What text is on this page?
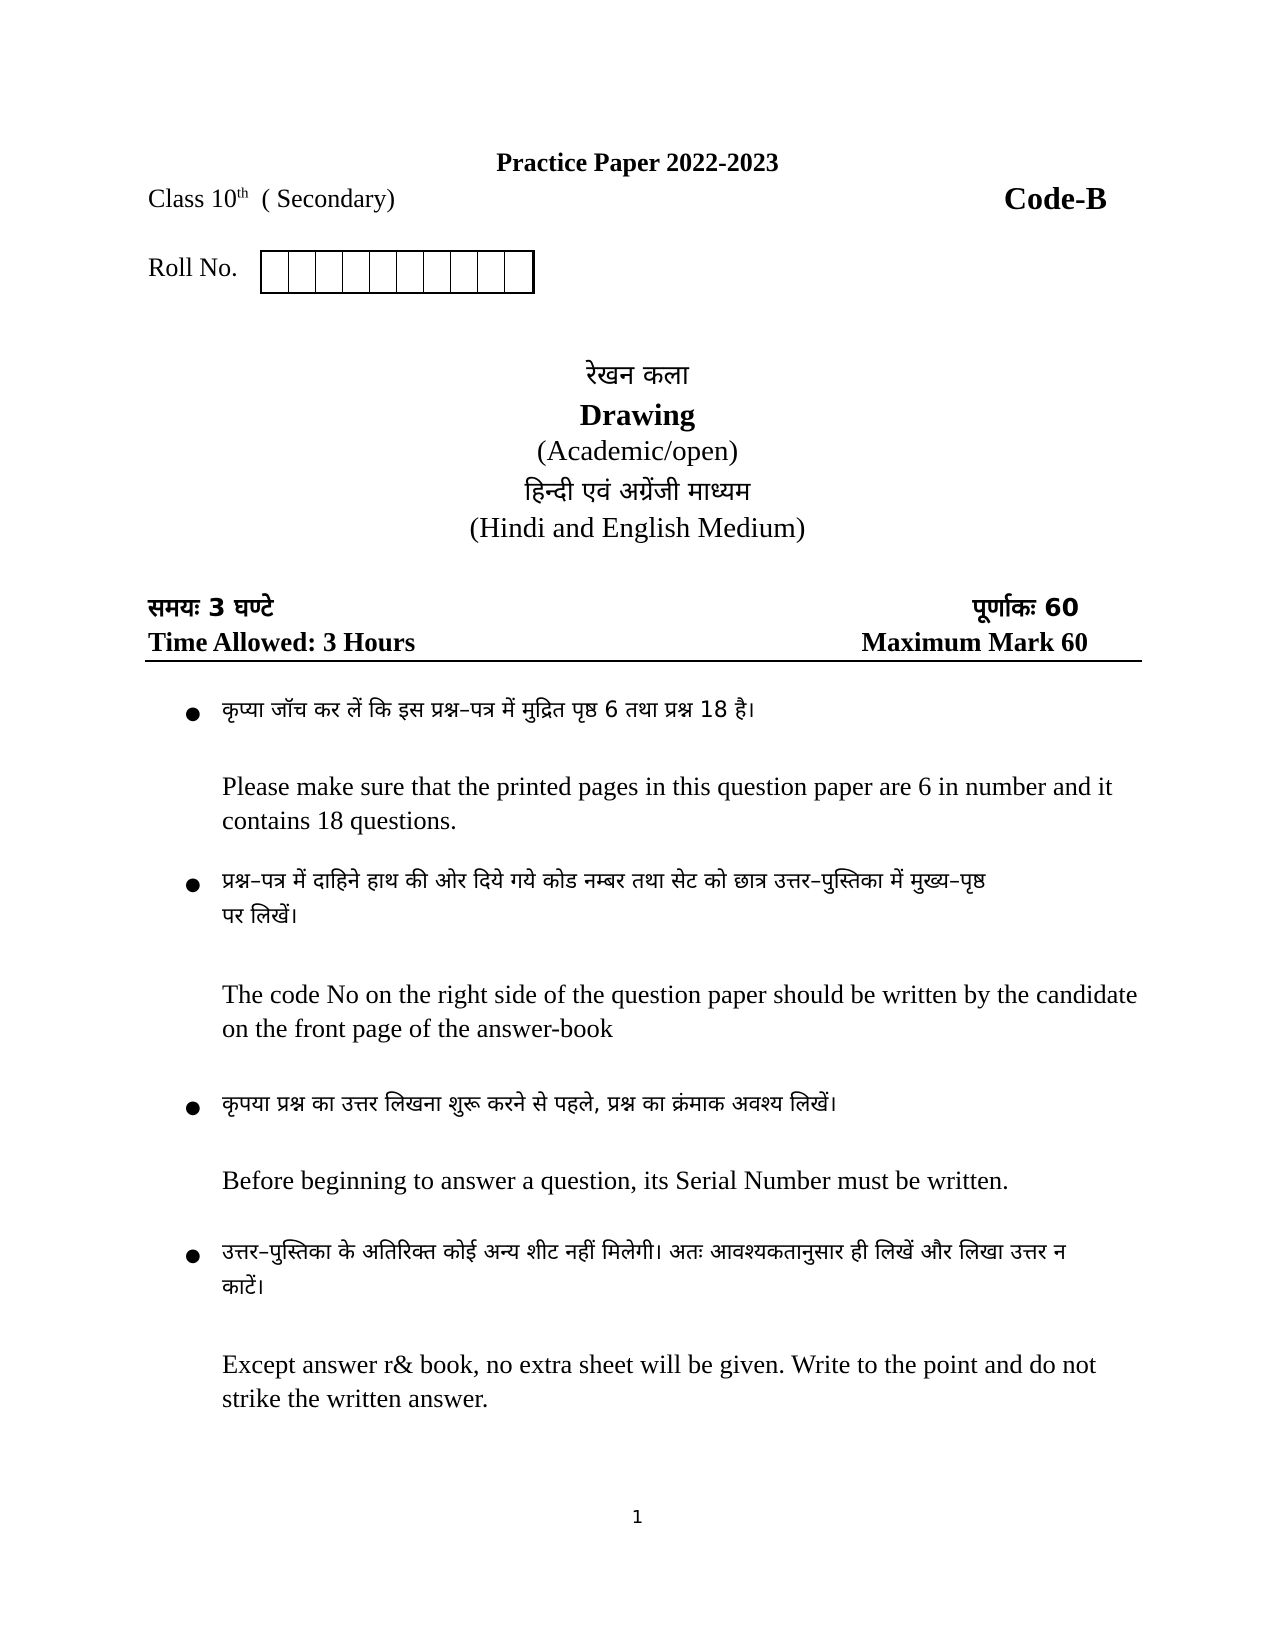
Practice Paper 2022-2023
Class 10th ( Secondary)	Code-B
Roll No.
रेखन कला
Drawing
(Academic/open)
हिन्दी एवं अग्रेंजी माध्यम
(Hindi and English Medium)
समयः 3 घण्टे	पूर्णाकः 60
Time Allowed: 3 Hours	Maximum Mark 60
● कृप्या जॉच कर लें कि इस प्रश्न–पत्र में मुद्रित पृष्ठ 6 तथा प्रश्न 18 है।
Please make sure that the printed pages in this question paper are 6 in number and it contains 18 questions.
● प्रश्न–पत्र में दाहिने हाथ की ओर दिये गये कोड नम्बर तथा सेट को छात्र उत्तर–पुस्तिका में मुख्य–पृष्ठ पर लिखें।
The code No on the right side of the question paper should be written by the candidate on the front page of the answer-book
● कृपया प्रश्न का उत्तर लिखना शुरू करने से पहले, प्रश्न का क्रंमाक अवश्य लिखें।
Before beginning to answer a question, its Serial Number must be written.
● उत्तर–पुस्तिका के अतिरिक्त कोई अन्य शीट नहीं मिलेगी। अतः आवश्यकतानुसार ही लिखें और लिखा उत्तर न काटें।
Except answer r& book, no extra sheet will be given. Write to the point and do not strike the written answer.
1
